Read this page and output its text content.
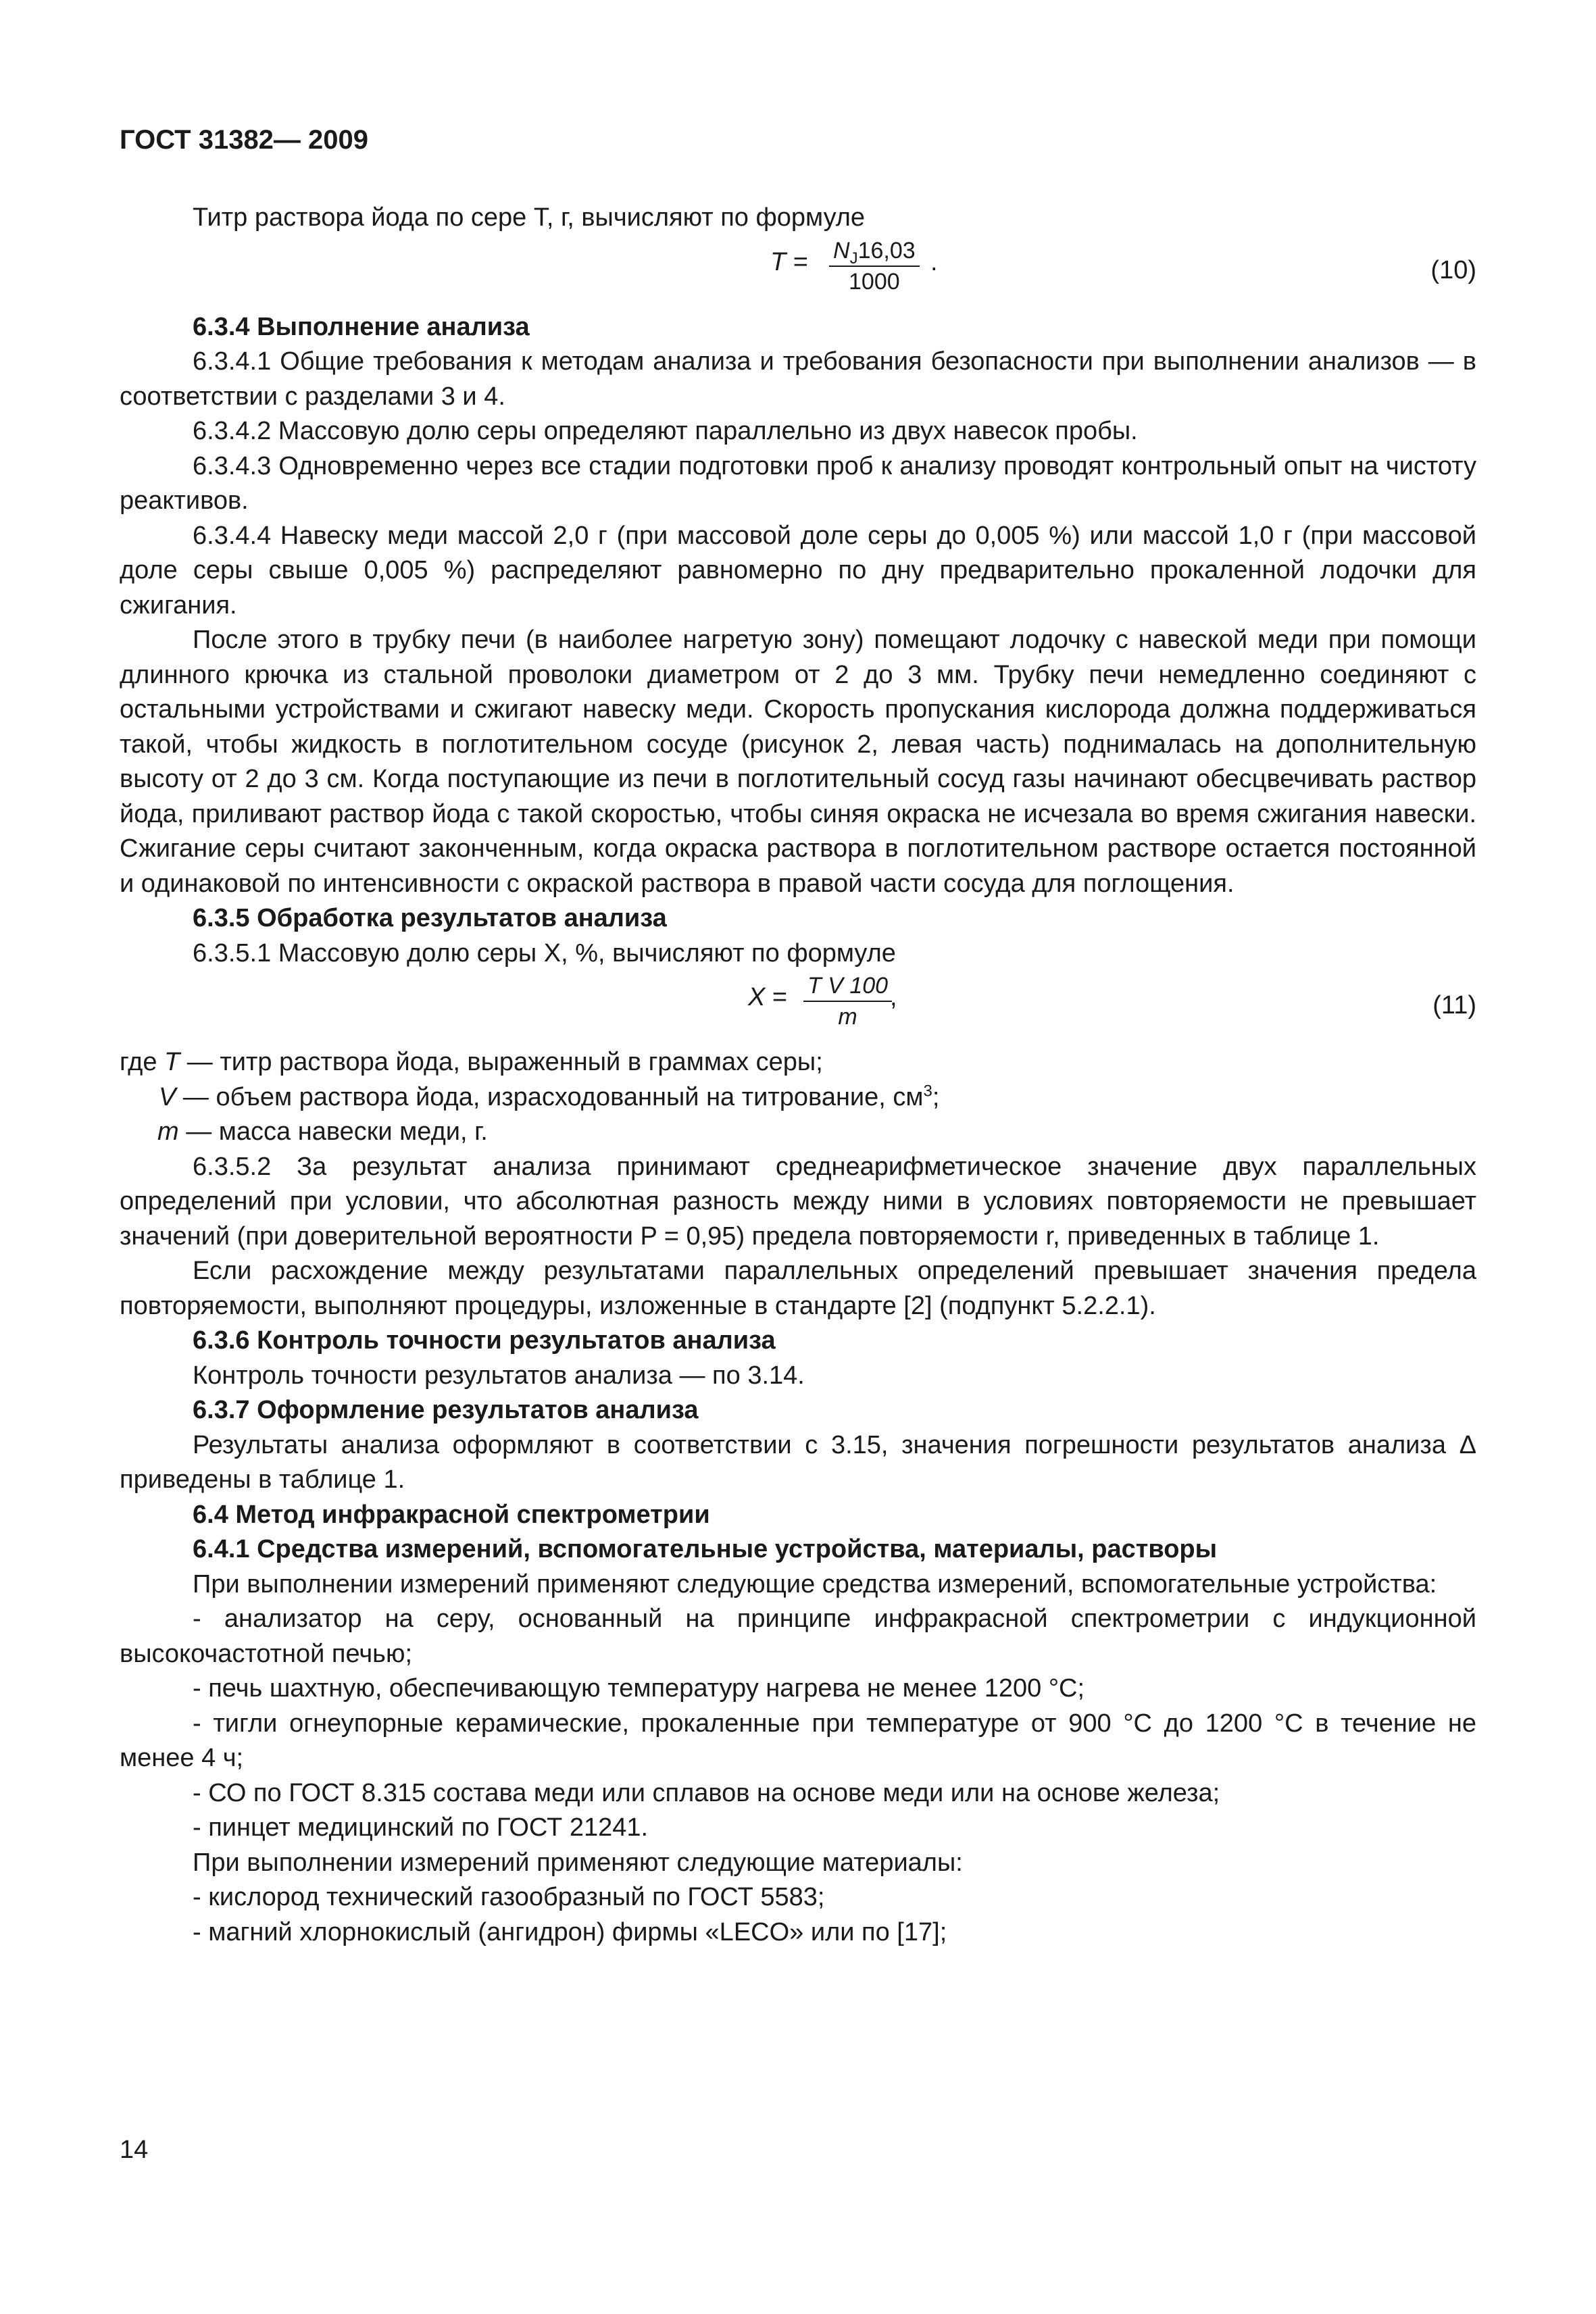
ГОСТ 31382— 2009

Титр раствора йода по сере T, г, вычисляют по формуле

$T = \frac{N_J16,03}{1000}$ .	(10)

6.3.4 Выполнение анализа

6.3.4.1 Общие требования к методам анализа и требования безопасности при выполнении анализов — в соответствии с разделами 3 и 4.

6.3.4.2 Массовую долю серы определяют параллельно из двух навесок пробы.

6.3.4.3 Одновременно через все стадии подготовки проб к анализу проводят контрольный опыт на чистоту реактивов.

6.3.4.4 Навеску меди массой 2,0 г (при массовой доле серы до 0,005 %) или массой 1,0 г (при массовой доле серы свыше 0,005 %) распределяют равномерно по дну предварительно прокаленной лодочки для сжигания.

После этого в трубку печи (в наиболее нагретую зону) помещают лодочку с навеской меди при помощи длинного крючка из стальной проволоки диаметром от 2 до 3 мм. Трубку печи немедленно соединяют с остальными устройствами и сжигают навеску меди. Скорость пропускания кислорода должна поддерживаться такой, чтобы жидкость в поглотительном сосуде (рисунок 2, левая часть) поднималась на дополнительную высоту от 2 до 3 см. Когда поступающие из печи в поглотительный сосуд газы начинают обесцвечивать раствор йода, приливают раствор йода с такой скоростью, чтобы синяя окраска не исчезала во время сжигания навески. Сжигание серы считают законченным, когда окраска раствора в поглотительном растворе остается постоянной и одинаковой по интенсивности с окраской раствора в правой части сосуда для поглощения.

6.3.5 Обработка результатов анализа

6.3.5.1 Массовую долю серы X, %, вычисляют по формуле

$X = \frac{\text{T V 100}}{m}$
,	(11)
где T — титр раствора йода, выраженный в граммах серы;
V — объем раствора йода, израсходованный на титрование, $см^3$;
m — масса навески меди, г.

6.3.5.2 За результат анализа принимают среднеарифметическое значение двух параллельных определений при условии, что абсолютная разность между ними в условиях повторяемости не превышает значений (при доверительной вероятности P = 0,95) предела повторяемости r, приведенных в таблице 1.

Если расхождение между результатами параллельных определений превышает значения предела повторяемости, выполняют процедуры, изложенные в стандарте [2] (подпункт 5.2.2.1).

6.3.6 Контроль точности результатов анализа

Контроль точности результатов анализа — по 3.14.

6.3.7 Оформление результатов анализа

Результаты анализа оформляют в соответствии с 3.15, значения погрешности результатов анализа Δ приведены в таблице 1.

6.4 Метод инфракрасной спектрометрии

6.4.1 Средства измерений, вспомогательные устройства, материалы, растворы

При выполнении измерений применяют следующие средства измерений, вспомогательные устройства:

- анализатор на серу, основанный на принципе инфракрасной спектрометрии с индукционной высокочастотной печью;

- печь шахтную, обеспечивающую температуру нагрева не менее 1200 °С;

- тигли огнеупорные керамические, прокаленные при температуре от 900 °С до 1200 °С в течение не менее 4 ч;

- СО по ГОСТ 8.315 состава меди или сплавов на основе меди или на основе железа;

- пинцет медицинский по ГОСТ 21241.

При выполнении измерений применяют следующие материалы:

- кислород технический газообразный по ГОСТ 5583;

- магний хлорнокислый (ангидрон) фирмы «LECO» или по [17];

14
